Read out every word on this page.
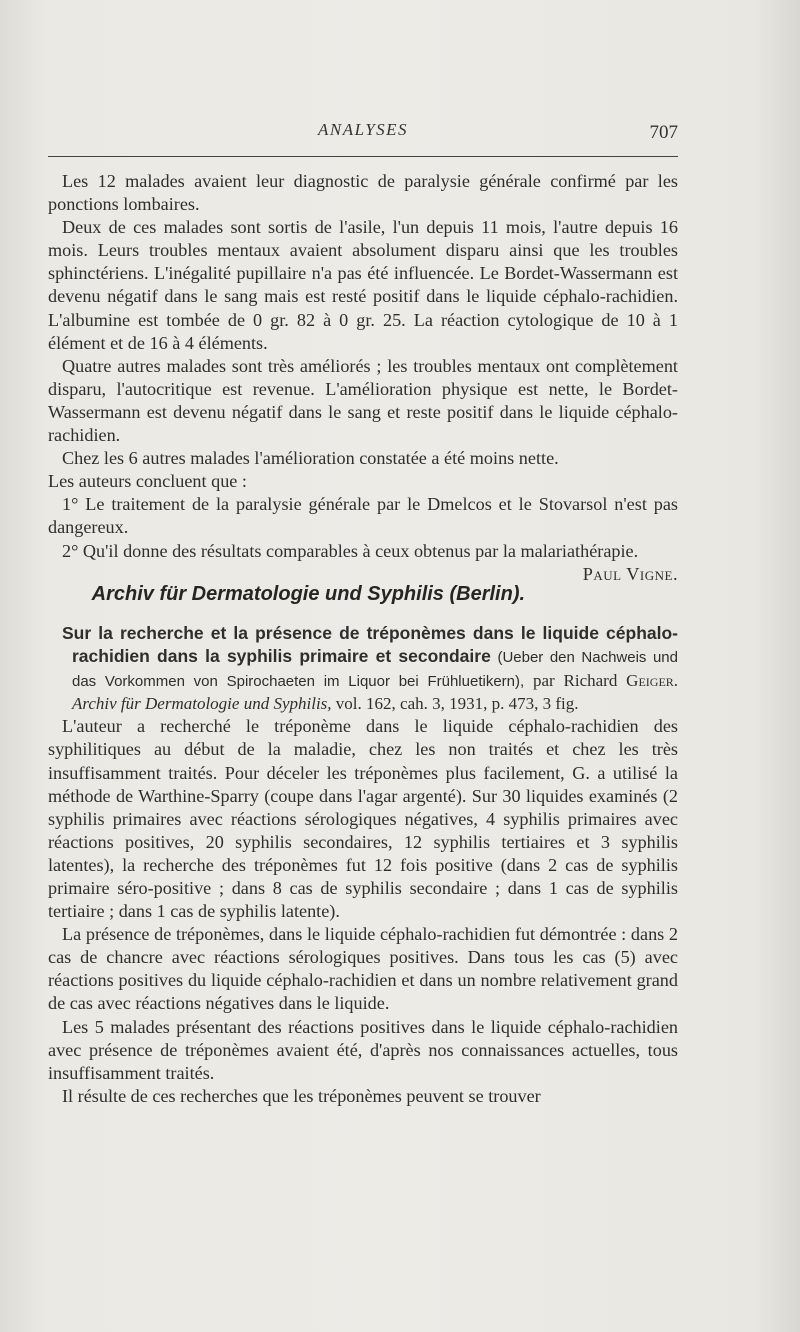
ANALYSES	707

Les 12 malades avaient leur diagnostic de paralysie générale confirmé par les ponctions lombaires.

Deux de ces malades sont sortis de l'asile, l'un depuis 11 mois, l'autre depuis 16 mois. Leurs troubles mentaux avaient absolument disparu ainsi que les troubles sphinctériens. L'inégalité pupillaire n'a pas été influencée. Le Bordet-Wassermann est devenu négatif dans le sang mais est resté positif dans le liquide céphalo-rachidien. L'albumine est tombée de 0 gr. 82 à 0 gr. 25. La réaction cytologique de 10 à 1 élément et de 16 à 4 éléments.

Quatre autres malades sont très améliorés ; les troubles mentaux ont complètement disparu, l'autocritique est revenue. L'amélioration physique est nette, le Bordet-Wassermann est devenu négatif dans le sang et reste positif dans le liquide céphalo-rachidien.

Chez les 6 autres malades l'amélioration constatée a été moins nette.

Les auteurs concluent que :

1° Le traitement de la paralysie générale par le Dmelcos et le Stovarsol n'est pas dangereux.

2° Qu'il donne des résultats comparables à ceux obtenus par la malariathérapie.
Paul Vigne.

Archiv für Dermatologie und Syphilis (Berlin).

Sur la recherche et la présence de tréponèmes dans le liquide céphalo-rachidien dans la syphilis primaire et secondaire (Ueber den Nachweis und das Vorkommen von Spirochaeten im Liquor bei Frühluetikern), par Richard Geiger. Archiv für Dermatologie und Syphilis, vol. 162, cah. 3, 1931, p. 473, 3 fig.

L'auteur a recherché le tréponème dans le liquide céphalo-rachidien des syphilitiques au début de la maladie, chez les non traités et chez les très insuffisamment traités. Pour déceler les tréponèmes plus facilement, G. a utilisé la méthode de Warthine-Sparry (coupe dans l'agar argenté). Sur 30 liquides examinés (2 syphilis primaires avec réactions sérologiques négatives, 4 syphilis primaires avec réactions positives, 20 syphilis secondaires, 12 syphilis tertiaires et 3 syphilis latentes), la recherche des tréponèmes fut 12 fois positive (dans 2 cas de syphilis primaire séro-positive ; dans 8 cas de syphilis secondaire ; dans 1 cas de syphilis tertiaire ; dans 1 cas de syphilis latente).

La présence de tréponèmes, dans le liquide céphalo-rachidien fut démontrée : dans 2 cas de chancre avec réactions sérologiques positives. Dans tous les cas (5) avec réactions positives du liquide céphalo-rachidien et dans un nombre relativement grand de cas avec réactions négatives dans le liquide.

Les 5 malades présentant des réactions positives dans le liquide céphalo-rachidien avec présence de tréponèmes avaient été, d'après nos connaissances actuelles, tous insuffisamment traités.

Il résulte de ces recherches que les tréponèmes peuvent se trouver
